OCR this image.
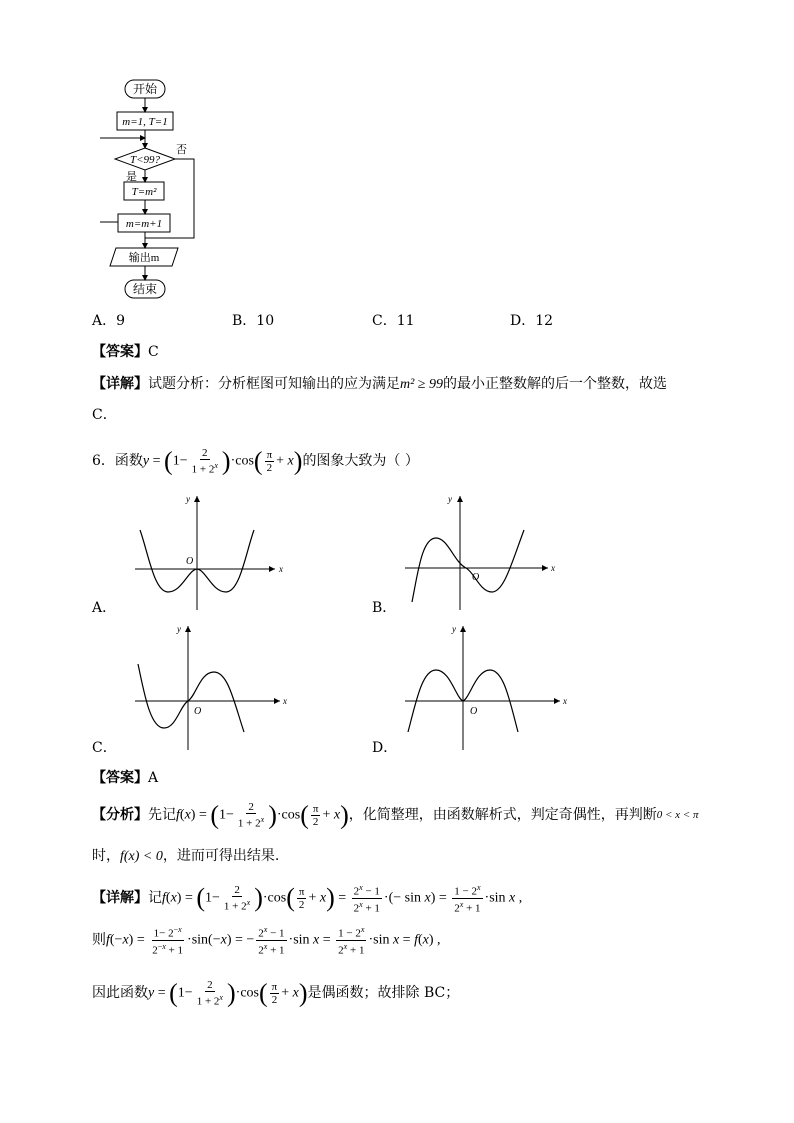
开始
m=1, T=1
T<99?
否
是
T=m²
m=m+1
输出m
结束
A．9	B．10	C．11	D．12
【答案】C
【详解】试题分析：分析框图可知输出的应为满足m² ≥ 99的最小正整数解的后一个整数，故选
C．
6． 函数 $y = (1- \frac{2}{1 + 2^x} )\cdot\cos( \frac{\pi}{2} + x)$ 的图象大致为（ ）
y
x
O
y
x
O
y
x
O
y
x
O
A．	B．
C．	D．
【答案】A
【分析】 先记 $f(x) = (1- \frac{2}{1 + 2^x} )\cdot\cos( \frac{\pi}{2} + x)$ ，化简整理，由函数解析式，判定奇偶性，再判断 0 < x < π
时，f(x) < 0，进而可得出结果.
【详解】 记 $f(x) = (1- \frac{2}{1 + 2^x} )\cdot\cos( \frac{\pi}{2} + x) = \frac{2^x - 1}{2^x + 1}$ ·(− $\sin x) = \frac{1 - 2^x}{2^x + 1} \cdot\sin$ x ,
则 $f(-x) = \frac{1- 2^{-x}}{2^{-x} + 1} \cdot\sin(-x)$ = − $\frac{2^x - 1}{2^x + 1} \cdot\sin$ $x = \frac{1 - 2^x}{2^x + 1} \cdot\sin$ x = f(x) ,
因此函数 $y = (1- \frac{2}{1 + 2^x} )\cdot\cos( \frac{\pi}{2} + x)$ 是偶函数；故排除 BC；
